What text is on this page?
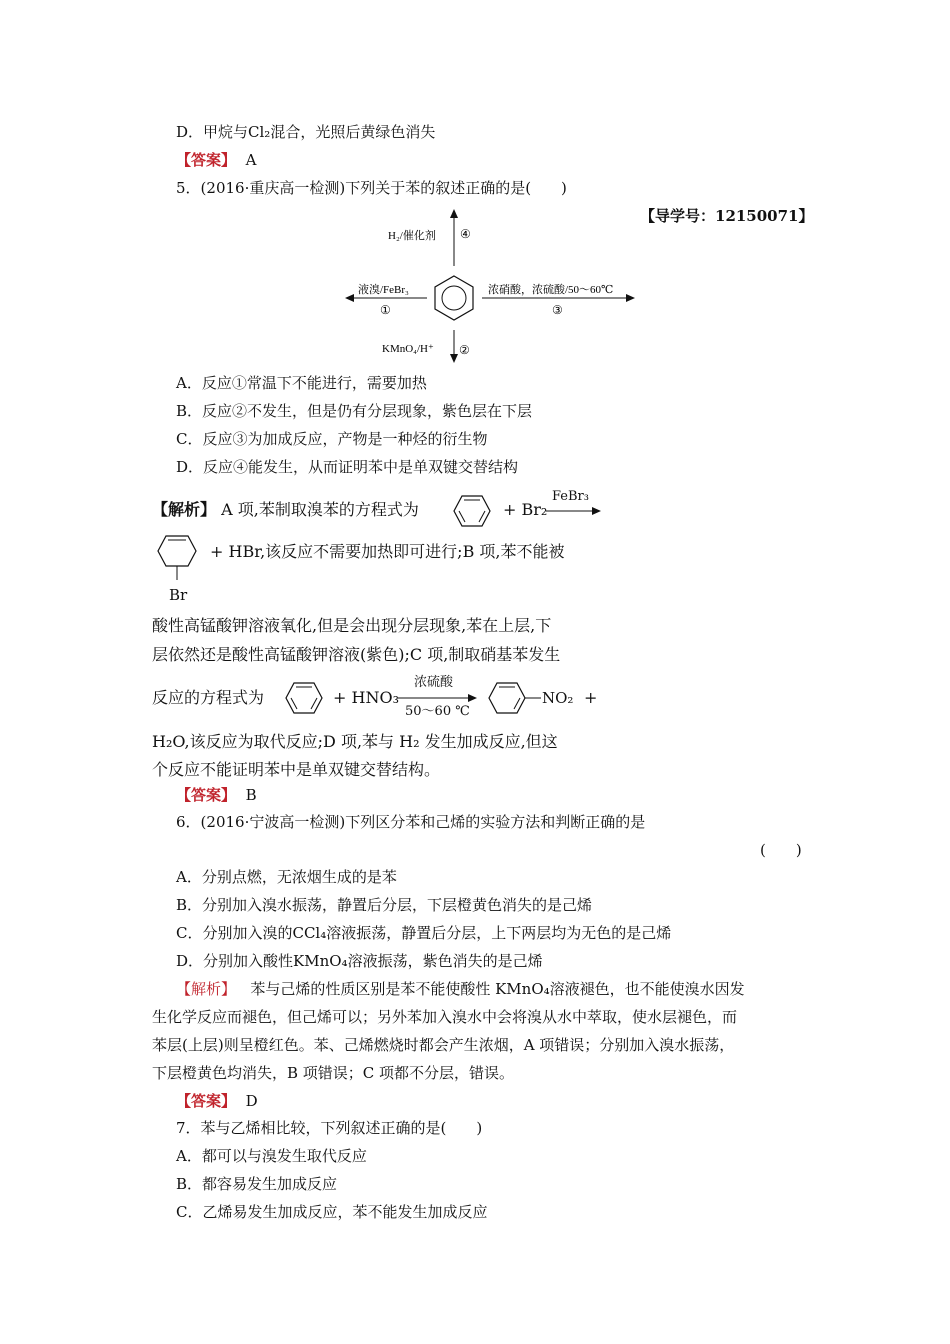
D．甲烷与Cl₂混合，光照后黄绿色消失
【答案】 A
5．(2016·重庆高一检测)下列关于苯的叙述正确的是(　　)
【导学号：12150071】
H₂/催化剂 ④
液溴/FeBr₃
①
浓硝酸，浓硫酸/50～60℃
③
KMnO₄/H⁺ ②
A．反应①常温下不能进行，需要加热
B．反应②不发生，但是仍有分层现象，紫色层在下层
C．反应③为加成反应，产物是一种烃的衍生物
D．反应④能发生，从而证明苯中是单双键交替结构
【解析】 A 项,苯制取溴苯的方程式为	+ Br₂
FeBr₃
Br
+ HBr,该反应不需要加热即可进行;B 项,苯不能被
酸性高锰酸钾溶液氧化,但是会出现分层现象,苯在上层,下
层依然还是酸性高锰酸钾溶液(紫色);C 项,制取硝基苯发生
反应的方程式为	+ HNO₃
浓硫酸
50～60 ℃
NO₂ +
H₂O,该反应为取代反应;D 项,苯与 H₂ 发生加成反应,但这
个反应不能证明苯中是单双键交替结构。
【答案】 B
6．(2016·宁波高一检测)下列区分苯和己烯的实验方法和判断正确的是
(　　)
A．分别点燃，无浓烟生成的是苯
B．分别加入溴水振荡，静置后分层，下层橙黄色消失的是己烯
C．分别加入溴的CCl₄溶液振荡，静置后分层，上下两层均为无色的是己烯
D．分别加入酸性KMnO₄溶液振荡，紫色消失的是己烯
【解析】 苯与己烯的性质区别是苯不能使酸性 KMnO₄溶液褪色，也不能使溴水因发
生化学反应而褪色，但己烯可以；另外苯加入溴水中会将溴从水中萃取，使水层褪色，而
苯层(上层)则呈橙红色。苯、己烯燃烧时都会产生浓烟，A 项错误；分别加入溴水振荡，
下层橙黄色均消失，B 项错误；C 项都不分层，错误。
【答案】 D
7．苯与乙烯相比较，下列叙述正确的是(　　)
A．都可以与溴发生取代反应
B．都容易发生加成反应
C．乙烯易发生加成反应，苯不能发生加成反应
